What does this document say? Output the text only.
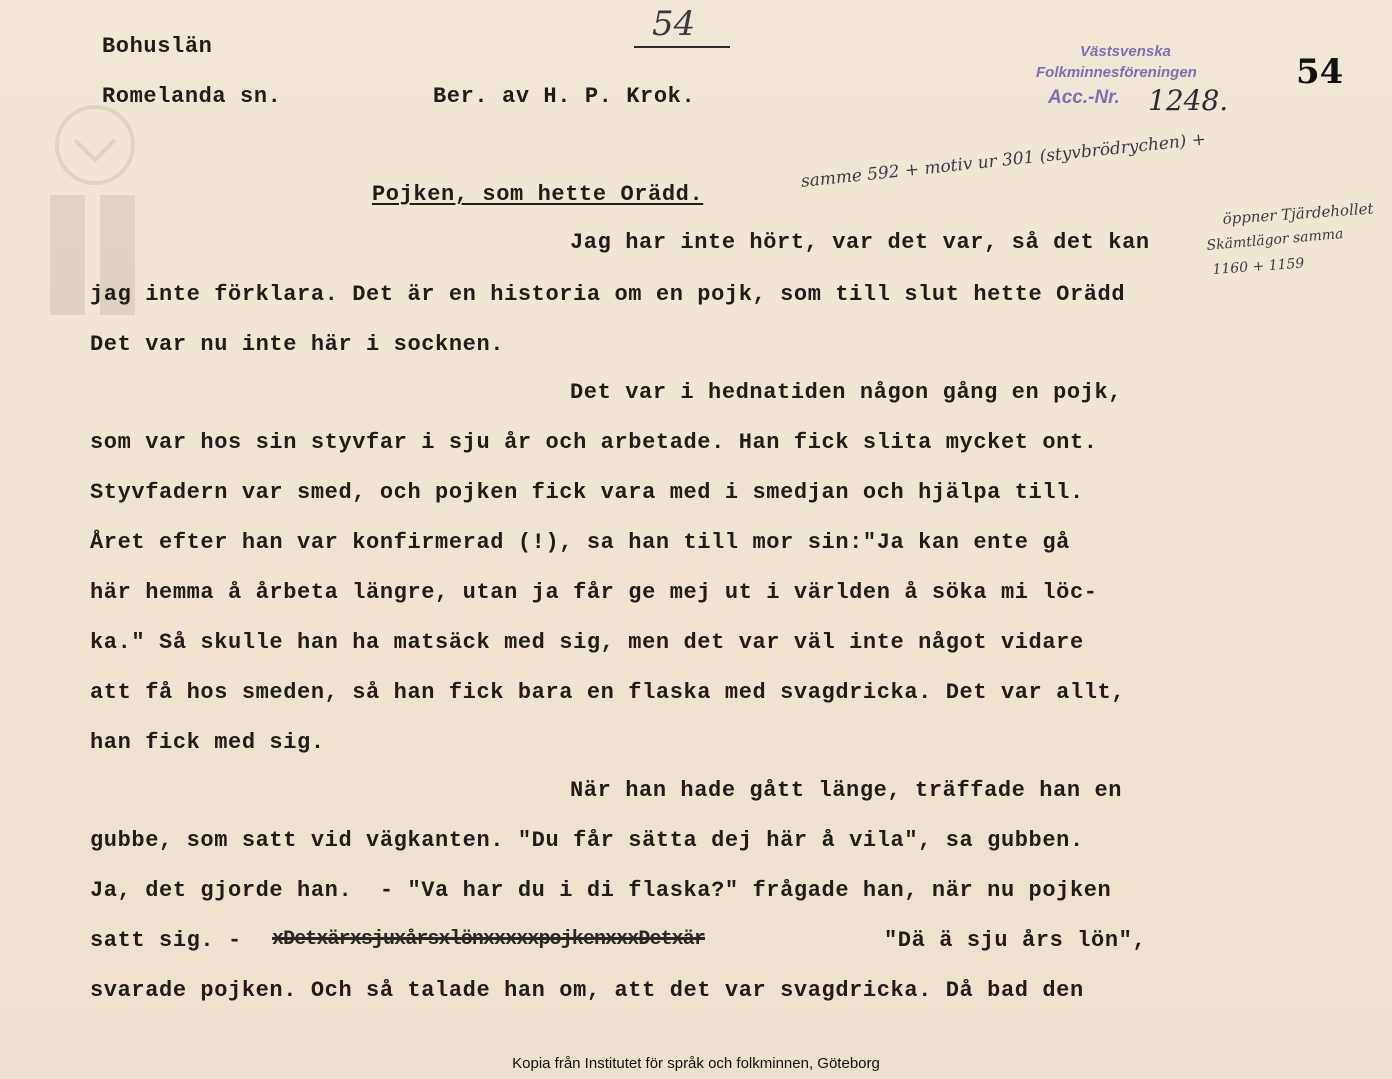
Bohuslän
Romelanda sn.	Ber. av H. P. Krok.
54
Västsvenska
Folkminnesföreningen
Acc.-Nr. 1248.
54
Pojken, som hette Orädd.
samme 592 + motiv ur 301 (styvbrödrychen) +
öppner Tjärdehollet
Skämtlägor samma
1160 + 1159
Jag har inte hört, var det var, så det kan
jag inte förklara. Det är en historia om en pojk, som till slut hette Orädd
Det var nu inte här i socknen.
Det var i hednatiden någon gång en pojk,
som var hos sin styvfar i sju år och arbetade. Han fick slita mycket ont.
Styvfadern var smed, och pojken fick vara med i smedjan och hjälpa till.
Året efter han var konfirmerad (!), sa han till mor sin:"Ja kan ente gå
här hemma å årbeta längre, utan ja får ge mej ut i världen å söka mi löc-
ka." Så skulle han ha matsäck med sig, men det var väl inte något vidare
att få hos smeden, så han fick bara en flaska med svagdricka. Det var allt,
han fick med sig.
När han hade gått länge, träffade han en
gubbe, som satt vid vägkanten. "Du får sätta dej här å vila", sa gubben.
Ja, det gjorde han.  - "Va har du i di flaska?" frågade han, när nu pojken
satt sig. - xDetxärxsjuxårsxlönxxxxxpojkenxxxDetxär	"Dä ä sju års lön",
svarade pojken. Och så talade han om, att det var svagdricka. Då bad den
Kopia från Institutet för språk och folkminnen, Göteborg
